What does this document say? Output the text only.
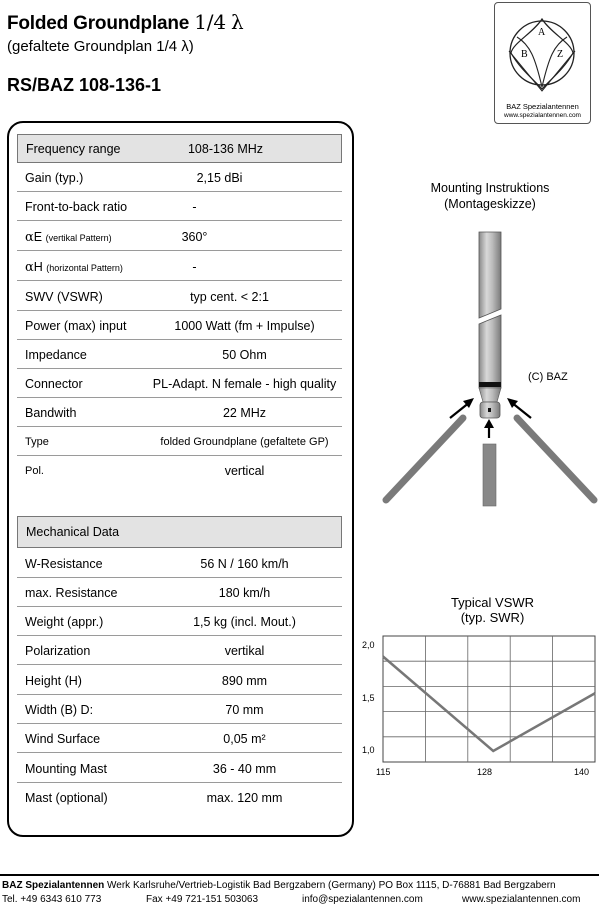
Folded Groundplane 1/4 λ
(gefaltete Groundplan 1/4 λ)
RS/BAZ 108-136-1
B
A
Z
BAZ Spezialantennen
www.spezialantennen.com
Frequency range	108-136 MHz
Gain (typ.)	2,15 dBi
Front-to-back ratio	-
αE (vertikal Pattern)	360°
αH (horizontal Pattern)	-
SWV (VSWR)	typ cent. < 2:1
Power (max) input	1000 Watt (fm + Impulse)
Impedance	50 Ohm
Connector	PL-Adapt. N female - high quality
Bandwith	22 MHz
Type	folded Groundplane (gefaltete GP)
Pol.	vertical
Mechanical Data
W-Resistance	56 N / 160 km/h
max. Resistance	180 km/h
Weight (appr.)	1,5 kg (incl. Mout.)
Polarization	vertikal
Height (H)	890 mm
Width (B) D:	70 mm
Wind Surface	0,05 m²
Mounting Mast	36 - 40 mm
Mast (optional)	max. 120 mm
Mounting Instruktions
(Montageskizze)
(C) BAZ
Typical VSWR
(typ. SWR)
2,0
1,5
1,0
115	128	140
BAZ Spezialantennen Werk Karlsruhe/Vertrieb-Logistik Bad Bergzabern (Germany) PO Box 1115, D-76881 Bad Bergzabern
Tel. +49 6343 610 773	Fax +49 721-151 503063	info@spezialantennen.com	www.spezialantennen.com
